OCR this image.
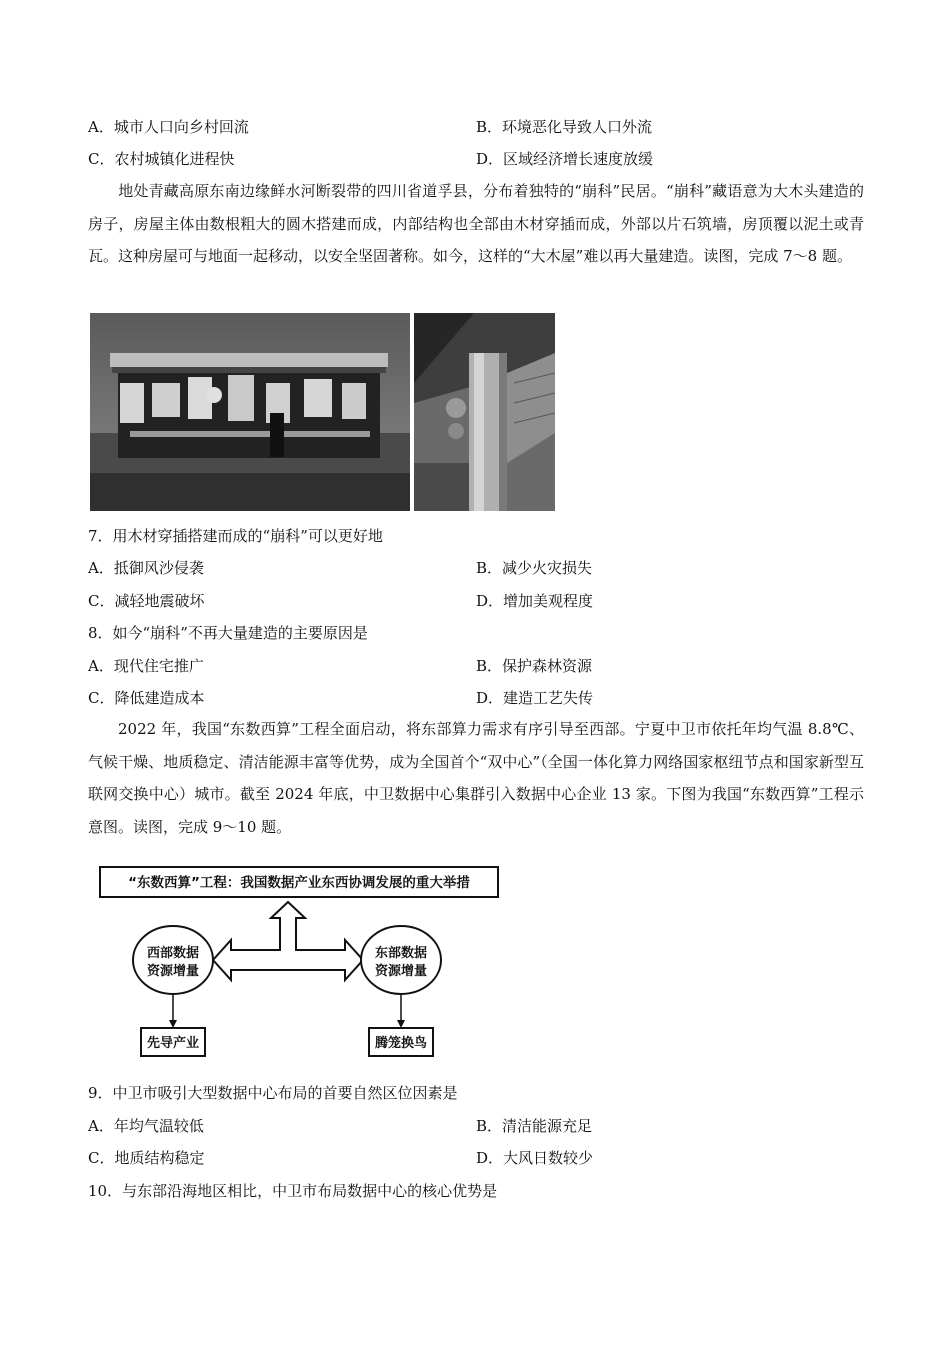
A．城市人口向乡村回流	B．环境恶化导致人口外流
C．农村城镇化进程快	D．区域经济增长速度放缓
地处青藏高原东南边缘鲜水河断裂带的四川省道孚县，分布着独特的“崩科”民居。“崩科”藏语意为大木头建造的房子，房屋主体由数根粗大的圆木搭建而成，内部结构也全部由木材穿插而成，外部以片石筑墙，房顶覆以泥土或青瓦。这种房屋可与地面一起移动，以安全坚固著称。如今，这样的“大木屋”难以再大量建造。读图，完成 7～8 题。
7．用木材穿插搭建而成的“崩科”可以更好地
A．抵御风沙侵袭	B．减少火灾损失
C．减轻地震破坏	D．增加美观程度
8．如今“崩科”不再大量建造的主要原因是
A．现代住宅推广	B．保护森林资源
C．降低建造成本	D．建造工艺失传
2022 年，我国“东数西算”工程全面启动，将东部算力需求有序引导至西部。宁夏中卫市依托年均气温 8.8℃、气候干燥、地质稳定、清洁能源丰富等优势，成为全国首个“双中心”（全国一体化算力网络国家枢纽节点和国家新型互联网交换中心）城市。截至 2024 年底，中卫数据中心集群引入数据中心企业 13 家。下图为我国“东数西算”工程示意图。读图，完成 9～10 题。
“东数西算”工程：我国数据产业东西协调发展的重大举措
西部数据
资源增量
东部数据
资源增量
先导产业	腾笼换鸟
9．中卫市吸引大型数据中心布局的首要自然区位因素是
A．年均气温较低	B．清洁能源充足
C．地质结构稳定	D．大风日数较少
10．与东部沿海地区相比，中卫市布局数据中心的核心优势是
